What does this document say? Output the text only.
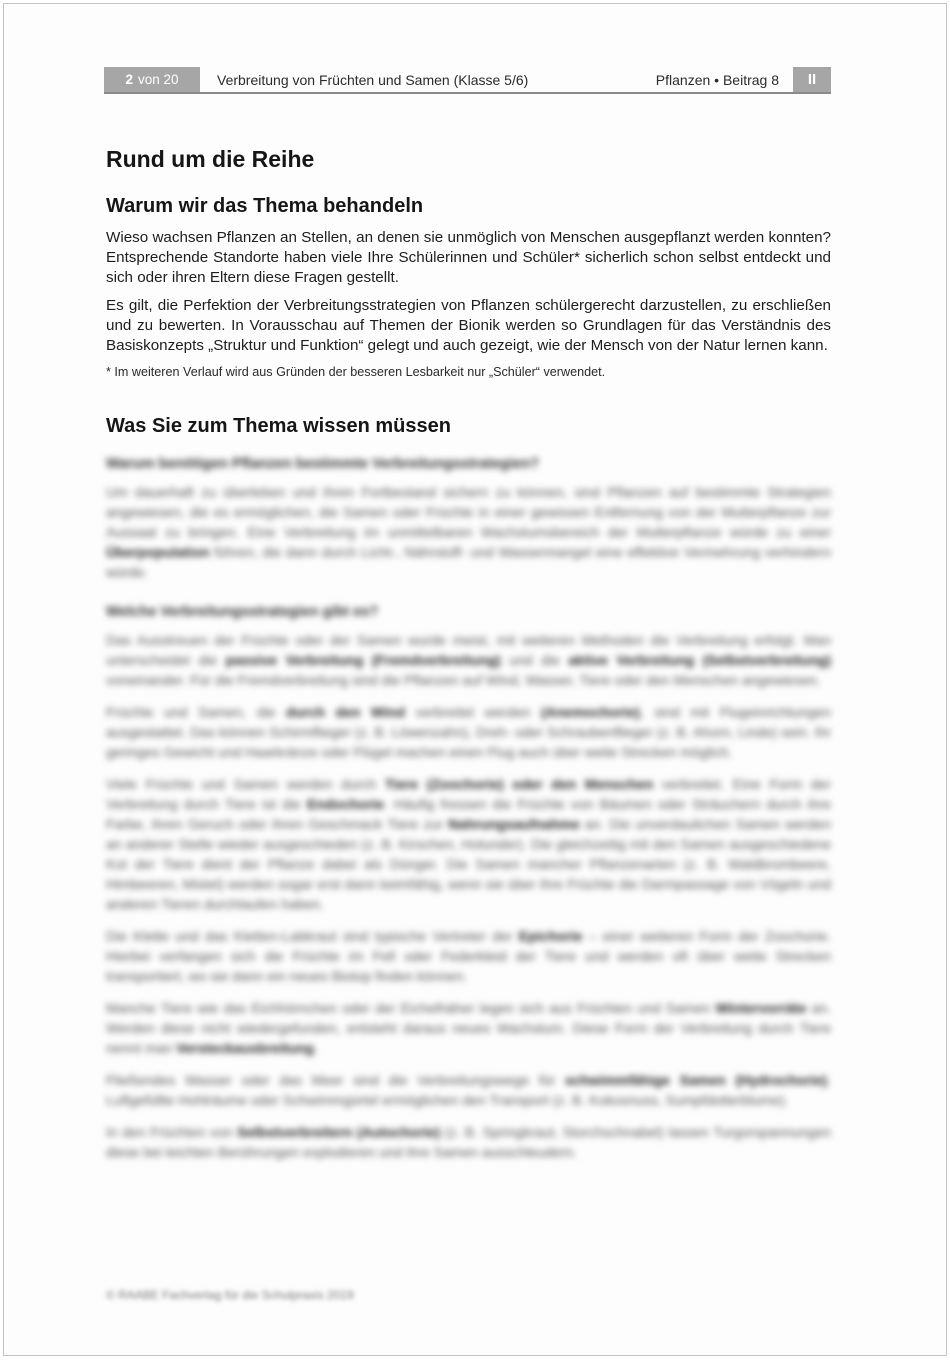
2 von 20	Verbreitung von Früchten und Samen (Klasse 5/6)	Pflanzen • Beitrag 8	II
Rund um die Reihe
Warum wir das Thema behandeln

Wieso wachsen Pflanzen an Stellen, an denen sie unmöglich von Menschen ausgepflanzt werden konnten? Entsprechende Standorte haben viele Ihre Schülerinnen und Schüler* sicherlich schon selbst entdeckt und sich oder ihren Eltern diese Fragen gestellt.

Es gilt, die Perfektion der Verbreitungsstrategien von Pflanzen schülergerecht darzustellen, zu erschließen und zu bewerten. In Vorausschau auf Themen der Bionik werden so Grundlagen für das Verständnis des Basiskonzepts „Struktur und Funktion“ gelegt und auch gezeigt, wie der Mensch von der Natur lernen kann.

* Im weiteren Verlauf wird aus Gründen der besseren Lesbarkeit nur „Schüler“ verwendet.

Was Sie zum Thema wissen müssen
Warum benötigen Pflanzen bestimmte Verbreitungsstrategien?

Um dauerhaft zu überleben und ihren Fortbestand sichern zu können, sind Pflanzen auf bestimmte Strategien angewiesen, die es ermöglichen, die Samen oder Früchte in einer gewissen Entfernung von der Mutterpflanze zur Aussaat zu bringen. Eine Verbreitung im unmittelbaren Wachstumsbereich der Mutterpflanze würde zu einer Überpopulation führen, die dann durch Licht-, Nährstoff- und Wassermangel eine effektive Vermehrung verhindern würde.

Welche Verbreitungsstrategien gibt es?

Das Ausstreuen der Früchte oder der Samen wurde meist, mit weiteren Methoden die Verbreitung erfolgt. Man unterscheidet die passive Verbreitung (Fremdverbreitung) und die aktive Verbreitung (Selbstverbreitung) voneinander. Für die Fremdverbreitung sind die Pflanzen auf Wind, Wasser, Tiere oder den Menschen angewiesen.

Früchte und Samen, die durch den Wind verbreitet werden (Anemochorie), sind mit Flugeinrichtungen ausgestattet. Das können Schirmflieger (z. B. Löwenzahn), Dreh- oder Schraubenflieger (z. B. Ahorn, Linde) sein. Ihr geringes Gewicht und Haarkränze oder Flügel machen einen Flug auch über weite Strecken möglich.

Viele Früchte und Samen werden durch Tiere (Zoochorie) oder den Menschen verbreitet. Eine Form der Verbreitung durch Tiere ist die Endochorie. Häufig fressen die Früchte von Bäumen oder Sträuchern durch ihre Farbe, ihren Geruch oder ihren Geschmack Tiere zur Nahrungsaufnahme an. Die unverdaulichen Samen werden an anderer Stelle wieder ausgeschieden (z. B. Kirschen, Holunder). Die gleichzeitig mit den Samen ausgeschiedene Kot der Tiere dient der Pflanze dabei als Dünger. Die Samen mancher Pflanzenarten (z. B. Waldbrombeere, Himbeeren, Mistel) werden sogar erst dann keimfähig, wenn sie über ihre Früchte die Darmpassage von Vögeln und anderen Tieren durchlaufen haben.

Die Klette und das Kletten-Labkraut sind typische Vertreter der Epichorie – einer weiteren Form der Zoochorie. Hierbei verfangen sich die Früchte im Fell oder Federkleid der Tiere und werden oft über weite Strecken transportiert, wo sie dann ein neues Biotop finden können.

Manche Tiere wie das Eichhörnchen oder der Eichelhäher legen sich aus Früchten und Samen Wintervorräte an. Werden diese nicht wiedergefunden, entsteht daraus neues Wachstum. Diese Form der Verbreitung durch Tiere nennt man Versteckausbreitung.

Fließendes Wasser oder das Meer sind die Verbreitungswege für schwimmfähige Samen (Hydrochorie). Luftgefüllte Hohlräume oder Schwimmgürtel ermöglichen den Transport (z. B. Kokosnuss, Sumpfdotterblume).

In den Früchten von Selbstverbreitern (Autochorie) (z. B. Springkraut, Storchschnabel) lassen Turgorspannungen diese bei leichten Berührungen explodieren und ihre Samen ausschleudern.

© RAABE Fachverlag für die Schulpraxis 2019
